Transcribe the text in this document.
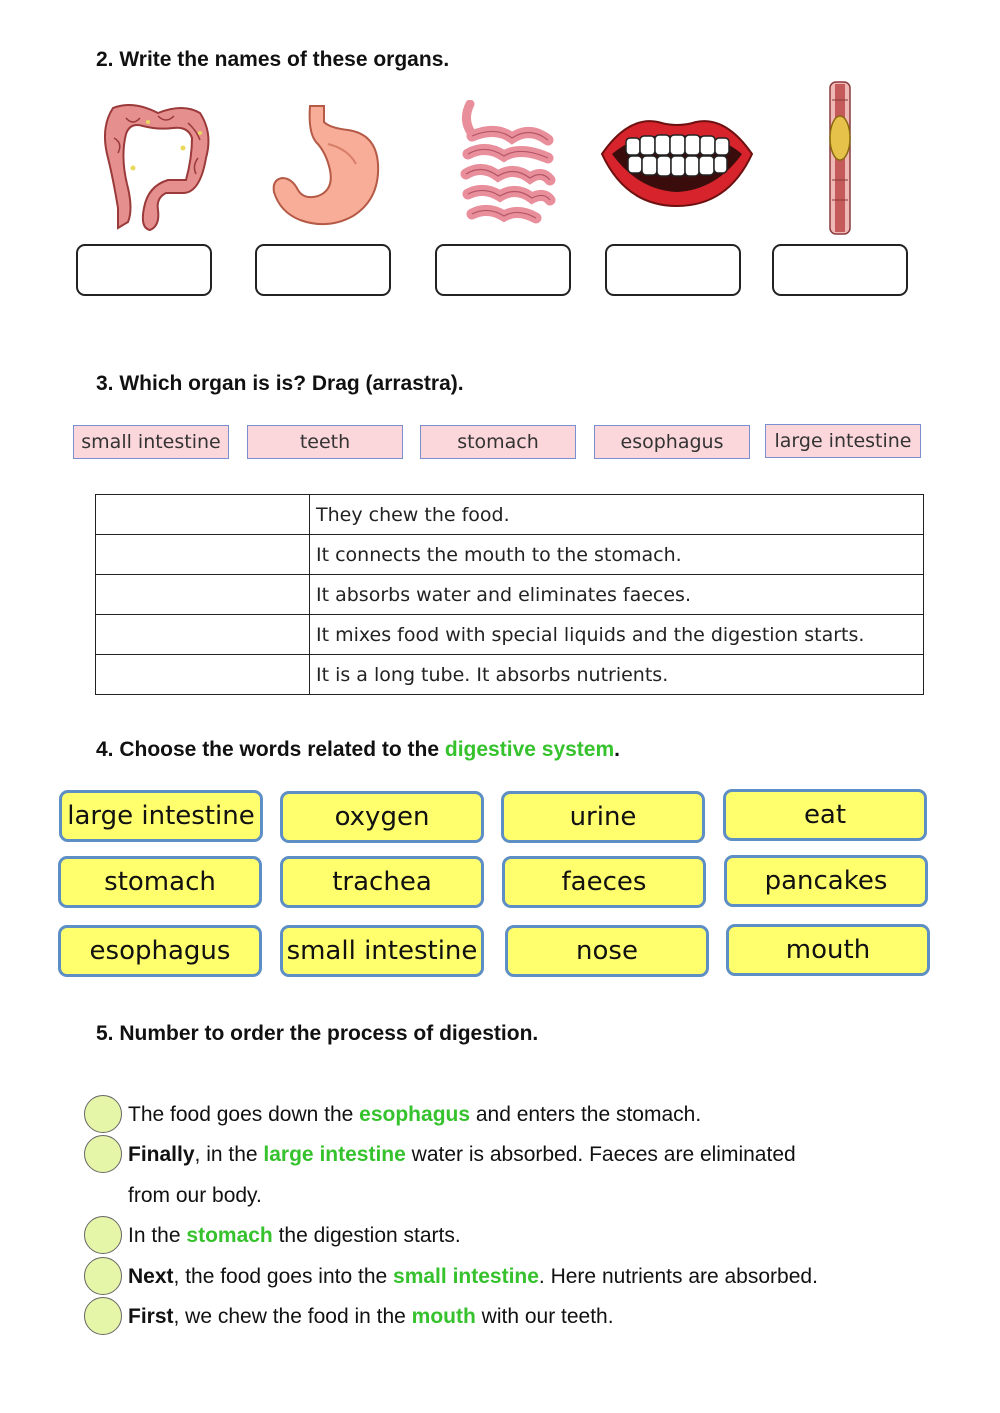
2. Write the names of these organs.
3. Which organ is is? Drag (arrastra).
small intestine	teeth	stomach	esophagus	large intestine
	They chew the food.
	It connects the mouth to the stomach.
	It absorbs water and eliminates faeces.
	It mixes food with special liquids and the digestion starts.
	It is a long tube. It absorbs nutrients.
4. Choose the words related to the digestive system.
large intestine	oxygen	urine	eat
stomach	trachea	faeces	pancakes
esophagus	small intestine	nose	mouth
5. Number to order the process of digestion.
The food goes down the esophagus and enters the stomach.
Finally, in the large intestine water is absorbed. Faeces are eliminated
from our body.
In the stomach the digestion starts.
Next, the food goes into the small intestine. Here nutrients are absorbed.
First, we chew the food in the mouth with our teeth.
